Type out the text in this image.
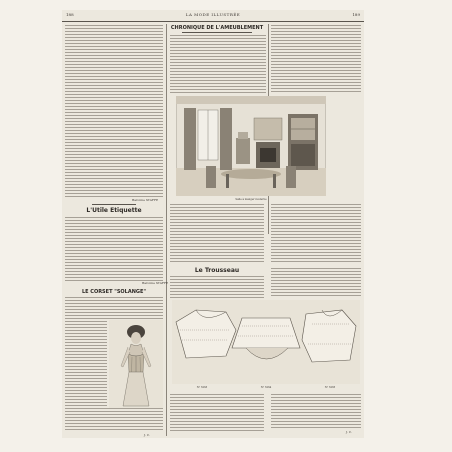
188	LA MODE ILLUSTRÉE	189
Baronne STAFFE
L'Utile Etiquette
Baronne STAFFE
LE CORSET "SOLANGE"
J. C.
CHRONIQUE DE L'AMEUBLEMENT
Salle à manger moderne
Le Trousseau
Nº 3263	Nº 3264	Nº 3265
J. C.
